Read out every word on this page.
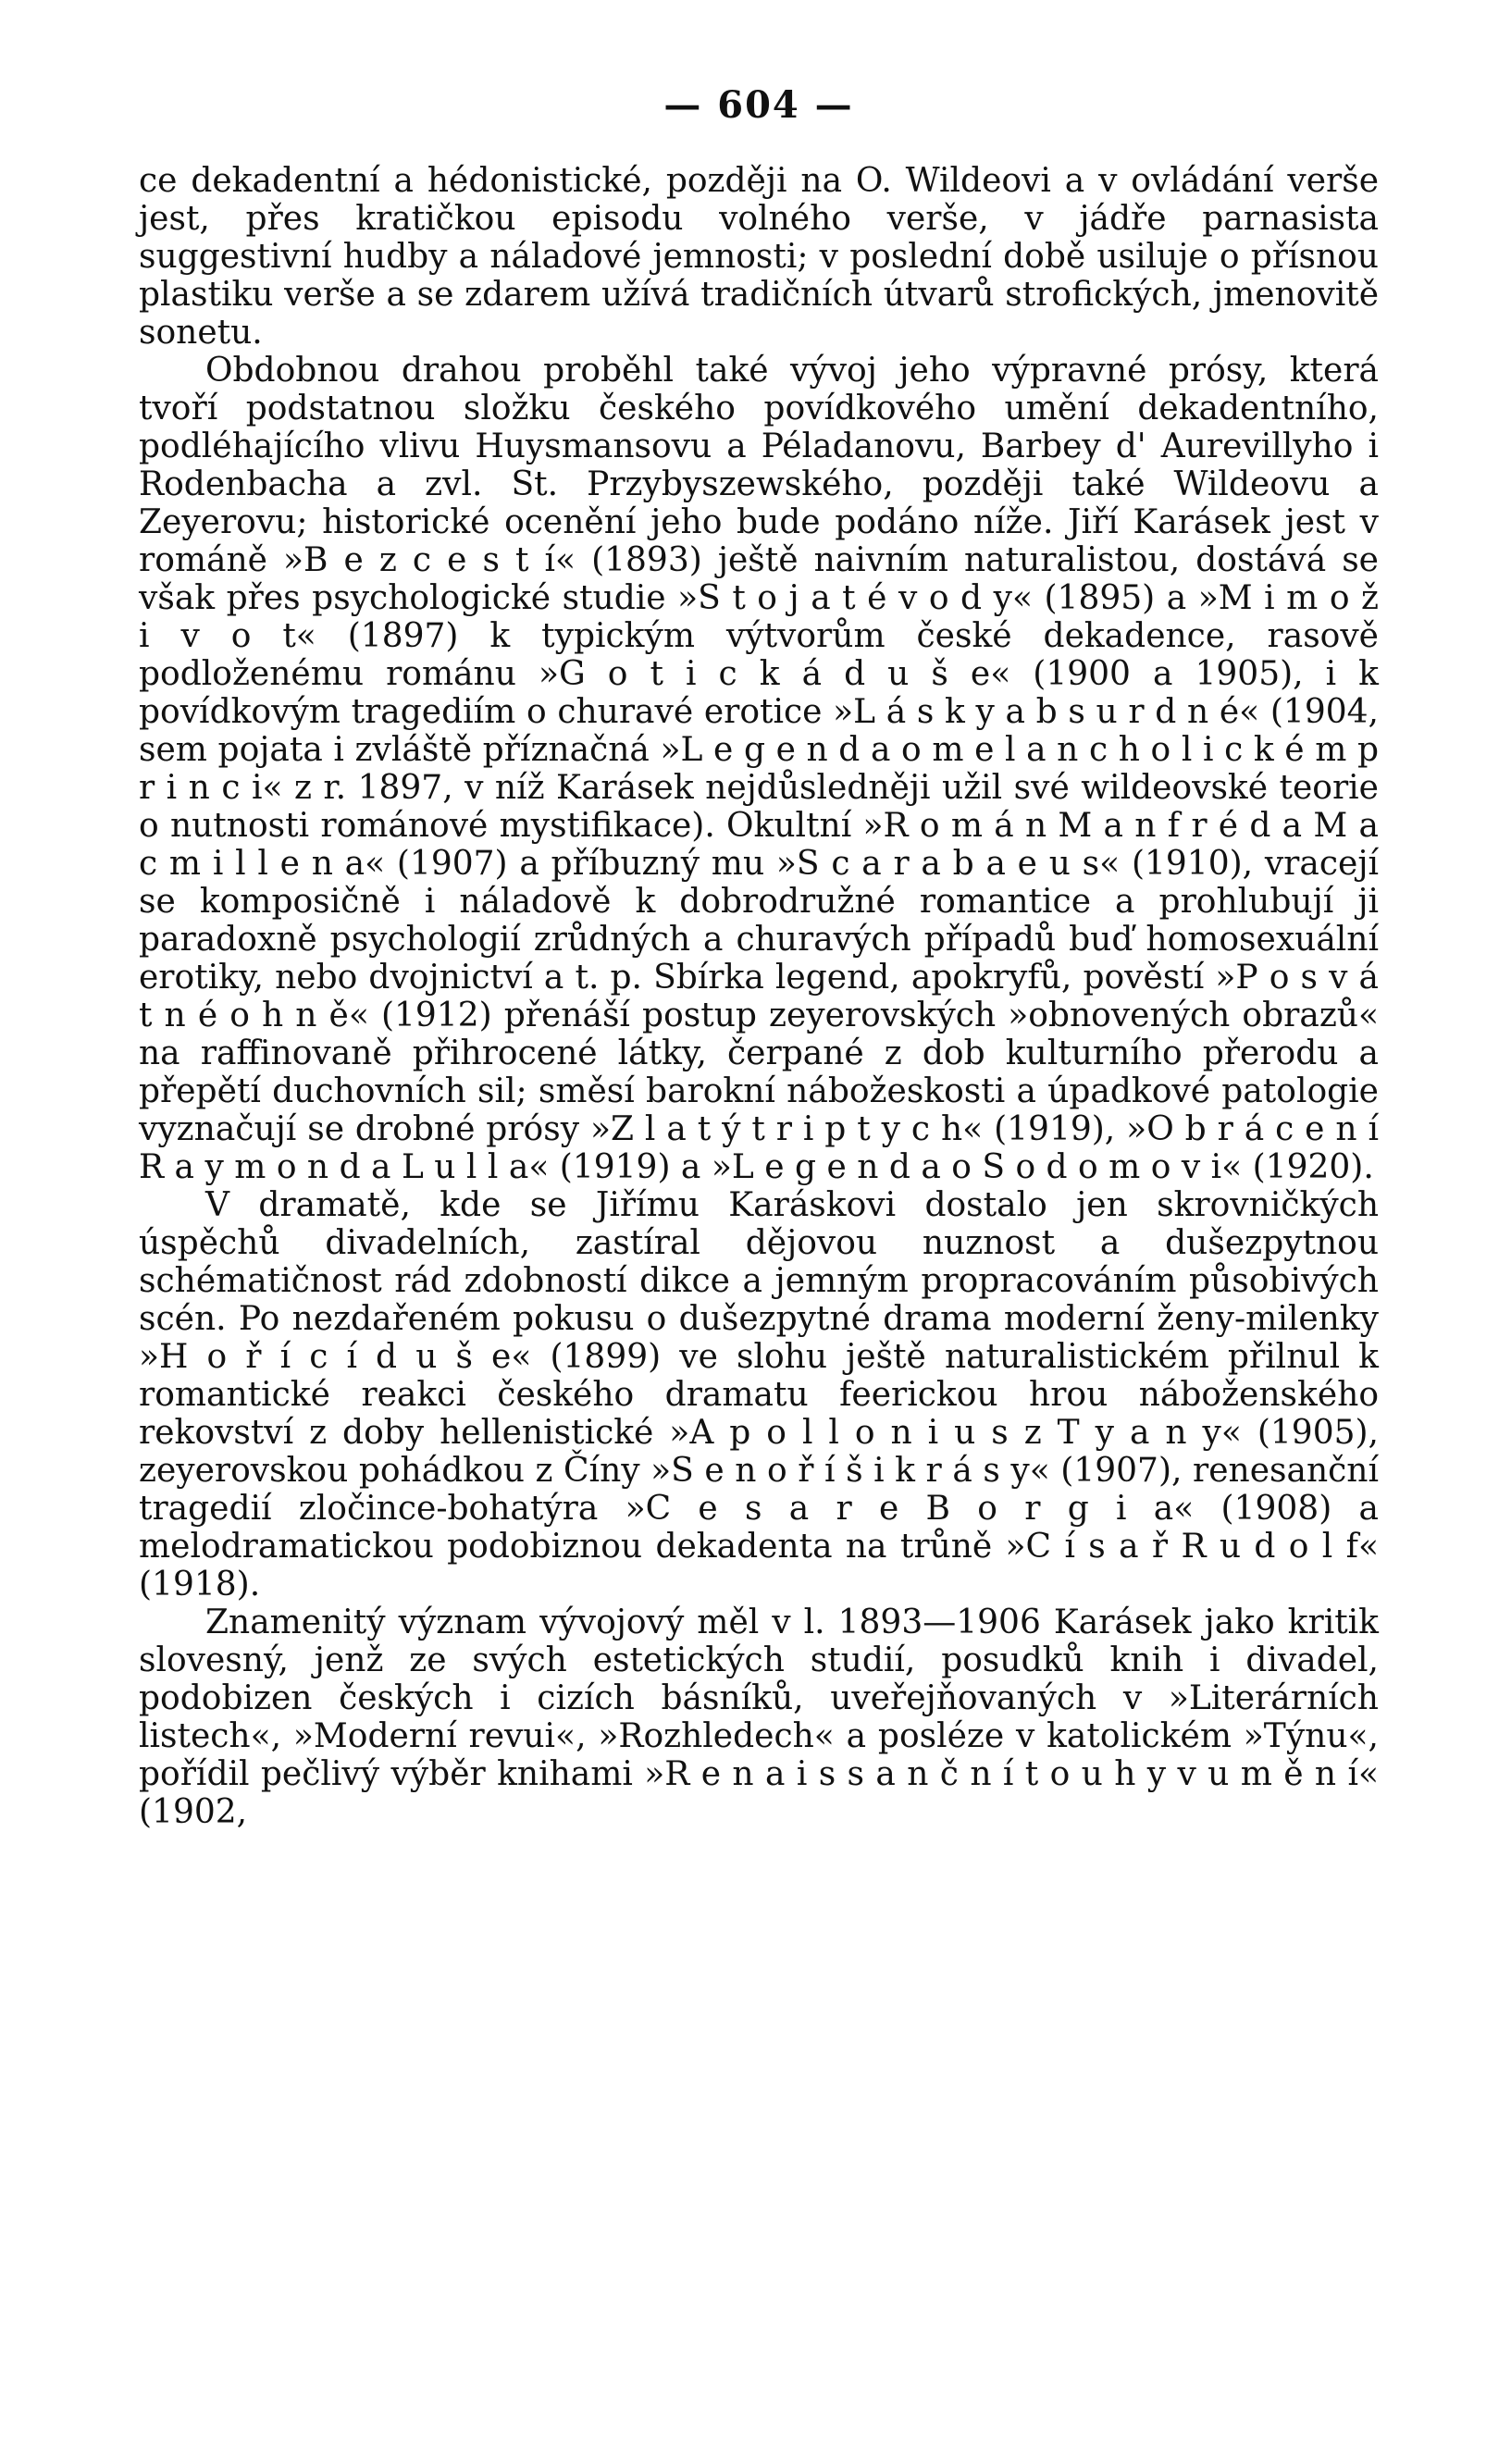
— 604 —

ce dekadentní a hédonistické, později na O. Wildeovi a v ovládání verše jest, přes kratičkou episodu volného verše, v jádře parnasista suggestivní hudby a náladové jemnosti; v poslední době usiluje o přísnou plastiku verše a se zdarem užívá tradičních útvarů strofických, jmenovitě sonetu.

Obdobnou drahou proběhl také vývoj jeho výpravné prósy, která tvoří podstatnou složku českého povídkového umění dekadentního, podléhajícího vlivu Huysmansovu a Péladanovu, Barbey d' Aurevillyho i Rodenbacha a zvl. St. Przybyszewského, později také Wildeovu a Zeyerovu; historické ocenění jeho bude podáno níže. Jiří Karásek jest v románě »B e z c e s t í« (1893) ještě naivním naturalistou, dostává se však přes psychologické studie »S t o j a t é v o d y« (1895) a »M i m o ž i v o t« (1897) k typickým výtvorům české dekadence, rasově podloženému románu »G o t i c k á d u š e« (1900 a 1905), i k povídkovým tragediím o churavé erotice »L á s k y a b s u r d n é« (1904, sem pojata i zvláště příznačná »L e g e n d a o m e l a n c h o l i c k é m p r i n c i« z r. 1897, v níž Karásek nejdůsledněji užil své wildeovské teorie o nutnosti románové mystifikace). Okultní »R o m á n M a n f r é d a M a c m i l l e n a« (1907) a příbuzný mu »S c a r a b a e u s« (1910), vracejí se komposičně i náladově k dobrodružné romantice a prohlubují ji paradoxně psychologií zrůdných a churavých případů buď homosexuální erotiky, nebo dvojnictví a t. p. Sbírka legend, apokryfů, pověstí »P o s v á t n é o h n ě« (1912) přenáší postup zeyerovských »obnovených obrazů« na raffinovaně přihrocené látky, čerpané z dob kulturního přerodu a přepětí duchovních sil; směsí barokní nábožeskosti a úpadkové patologie vyznačují se drobné prósy »Z l a t ý t r i p t y c h« (1919), »O b r á c e n í R a y m o n d a L u l l a« (1919) a »L e g e n d a o S o d o m o v i« (1920).

V dramatě, kde se Jiřímu Karáskovi dostalo jen skrovničkých úspěchů divadelních, zastíral dějovou nuznost a dušezpytnou schématičnost rád zdobností dikce a jemným propracováním působivých scén. Po nezdařeném pokusu o dušezpytné drama moderní ženy-milenky »H o ř í c í d u š e« (1899) ve slohu ještě naturalistickém přilnul k romantické reakci českého dramatu feerickou hrou náboženského rekovství z doby hellenistické »A p o l l o n i u s z T y a n y« (1905), zeyerovskou pohádkou z Číny »S e n o ř í š i k r á s y« (1907), renesanční tragedií zločince-bohatýra »C e s a r e B o r g i a« (1908) a melodramatickou podobiznou dekadenta na trůně »C í s a ř R u d o l f« (1918).

Znamenitý význam vývojový měl v l. 1893—1906 Karásek jako kritik slovesný, jenž ze svých estetických studií, posudků knih i divadel, podobizen českých i cizích básníků, uveřejňovaných v »Literárních listech«, »Moderní revui«, »Rozhledech« a posléze v katolickém »Týnu«, pořídil pečlivý výběr knihami »R e n a i s s a n č n í t o u h y v u m ě n í« (1902,
